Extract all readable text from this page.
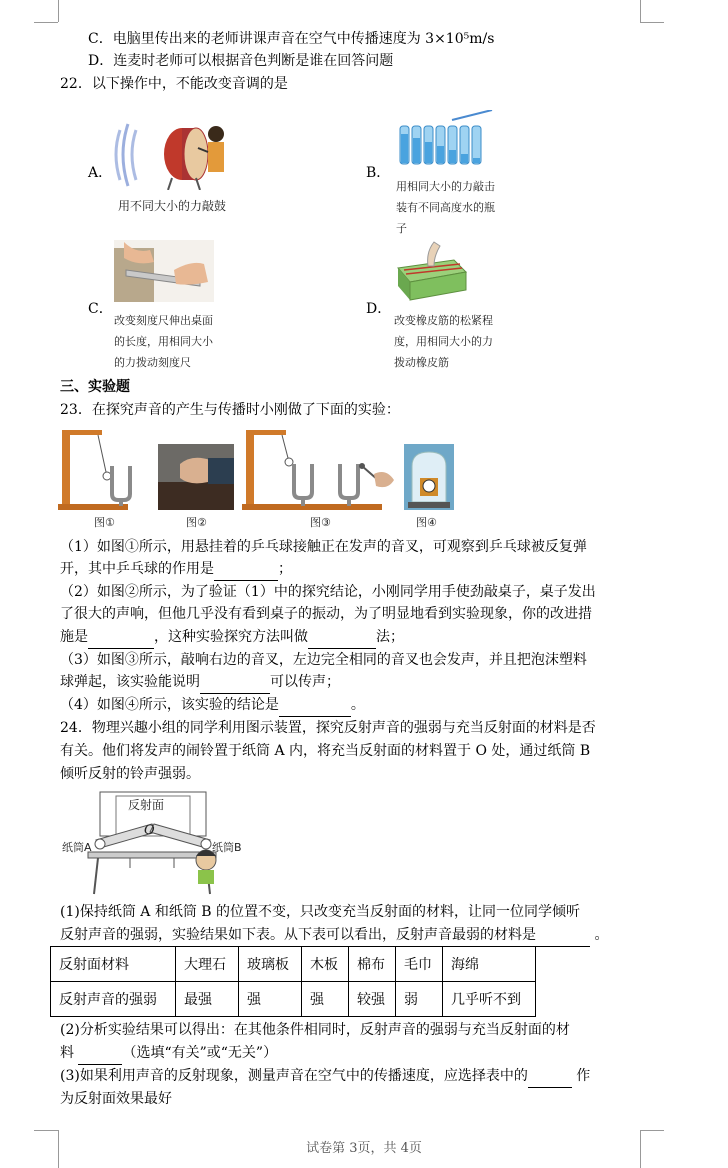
C．电脑里传出来的老师讲课声音在空气中传播速度为 3×10⁵m/s
D．连麦时老师可以根据音色判断是谁在回答问题
22．以下操作中，不能改变音调的是
A．
用不同大小的力敲鼓
B．
用相同大小的力敲击
装有不同高度水的瓶
子
C．
改变刻度尺伸出桌面
的长度，用相同大小
的力拨动刻度尺
D．
改变橡皮筋的松紧程
度，用相同大小的力
拨动橡皮筋
三、实验题
23．在探究声音的产生与传播时小刚做了下面的实验：
图①	图②	图③	图④
（1）如图①所示，用悬挂着的乒乓球接触正在发声的音叉，可观察到乒乓球被反复弹
开，其中乒乓球的作用是	；
（2）如图②所示，为了验证（1）中的探究结论，小刚同学用手使劲敲桌子，桌子发出
了很大的声响，但他几乎没有看到桌子的振动，为了明显地看到实验现象，你的改进措
施是	，这种实验探究方法叫做	法；
（3）如图③所示，敲响右边的音叉，左边完全相同的音叉也会发声，并且把泡沫塑料
球弹起，该实验能说明	可以传声；
（4）如图④所示，该实验的结论是	。
24．物理兴趣小组的同学利用图示装置，探究反射声音的强弱与充当反射面的材料是否
有关。他们将发声的闹铃置于纸筒 A 内，将充当反射面的材料置于 O 处，通过纸筒 B
倾听反射的铃声强弱。
反射面
O
纸筒A	纸筒B
(1)保持纸筒 A 和纸筒 B 的位置不变，只改变充当反射面的材料，让同一位同学倾听
反射声音的强弱，实验结果如下表。从下表可以看出，反射声音最弱的材料是	。
反射面材料	大理石	玻璃板	木板	棉布	毛巾	海绵
反射声音的强弱	最强	强	强	较强	弱	几乎听不到
(2)分析实验结果可以得出：在其他条件相同时，反射声音的强弱与充当反射面的材
料	（选填“有关”或“无关”）
(3)如果利用声音的反射现象，测量声音在空气中的传播速度，应选择表中的	作
为反射面效果最好
试卷第 3页，共 4页
